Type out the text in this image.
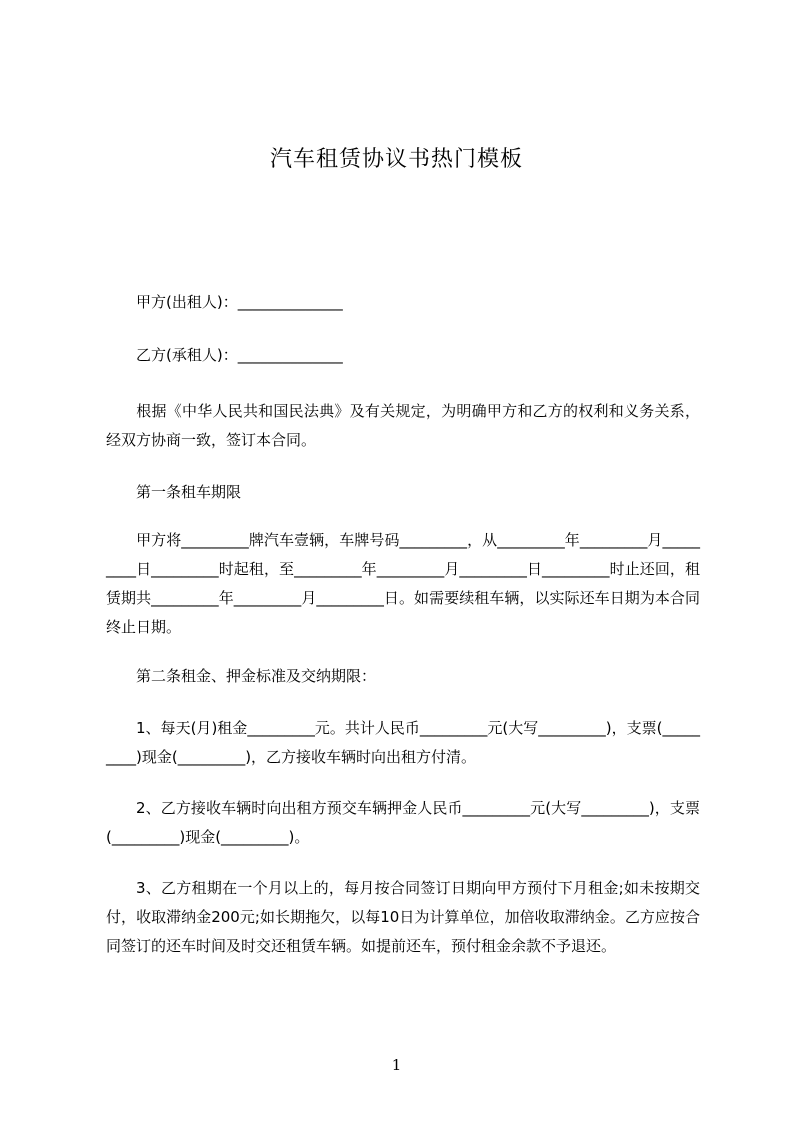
汽车租赁协议书热门模板
甲方(出租人)：______________
乙方(承租人)：______________
根据《中华人民共和国民法典》及有关规定，为明确甲方和乙方的权利和义务关系，经双方协商一致，签订本合同。
第一条租车期限
甲方将_________牌汽车壹辆，车牌号码_________，从_________年_________月_________日_________时起租，至_________年_________月_________日_________时止还回，租赁期共_________年_________月_________日。如需要续租车辆，以实际还车日期为本合同终止日期。
第二条租金、押金标准及交纳期限：
1、每天(月)租金_________元。共计人民币_________元(大写_________)，支票(_________)现金(_________)，乙方接收车辆时向出租方付清。
2、乙方接收车辆时向出租方预交车辆押金人民币_________元(大写_________)，支票(_________)现金(_________)。
3、乙方租期在一个月以上的，每月按合同签订日期向甲方预付下月租金;如未按期交付，收取滞纳金200元;如长期拖欠，以每10日为计算单位，加倍收取滞纳金。乙方应按合同签订的还车时间及时交还租赁车辆。如提前还车，预付租金余款不予退还。
1
